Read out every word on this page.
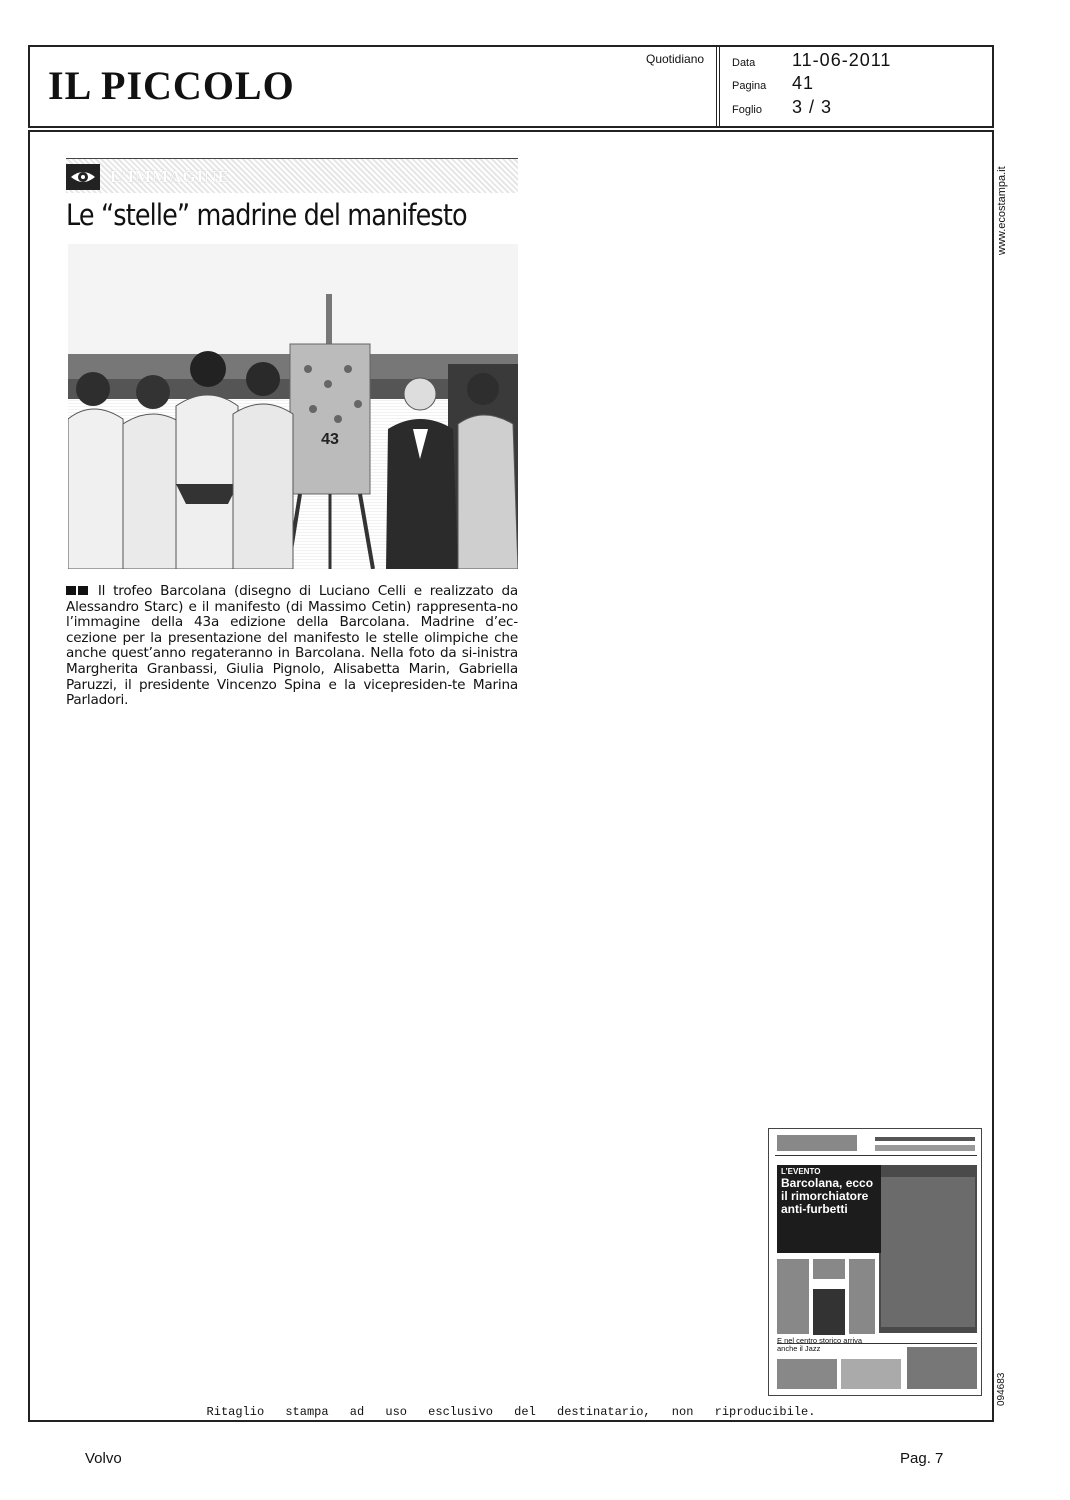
IL PICCOLO
Quotidiano	Data	11-06-2011
Pagina	41
Foglio	3 / 3
www.ecostampa.it
094683
L’IMMAGINE
Le “stelle” madrine del manifesto
43
Il trofeo Barcolana (disegno di Luciano Celli e realizzato da Alessandro Starc) e il manifesto (di Massimo Cetin) rappresenta-no l’immagine della 43a edizione della Barcolana. Madrine d’ec-cezione per la presentazione del manifesto le stelle olimpiche che anche quest’anno regateranno in Barcolana. Nella foto da si-inistra Margherita Granbassi, Giulia Pignolo, Alisabetta Marin, Gabriella Paruzzi, il presidente Vincenzo Spina e la vicepresiden-te Marina Parladori.
L’EVENTO
Barcolana, ecco il rimorchiatore anti-furbetti
E nel centro storico arriva anche il Jazz
Ritaglio stampa ad uso esclusivo del destinatario, non riproducibile.
Volvo	Pag. 7
